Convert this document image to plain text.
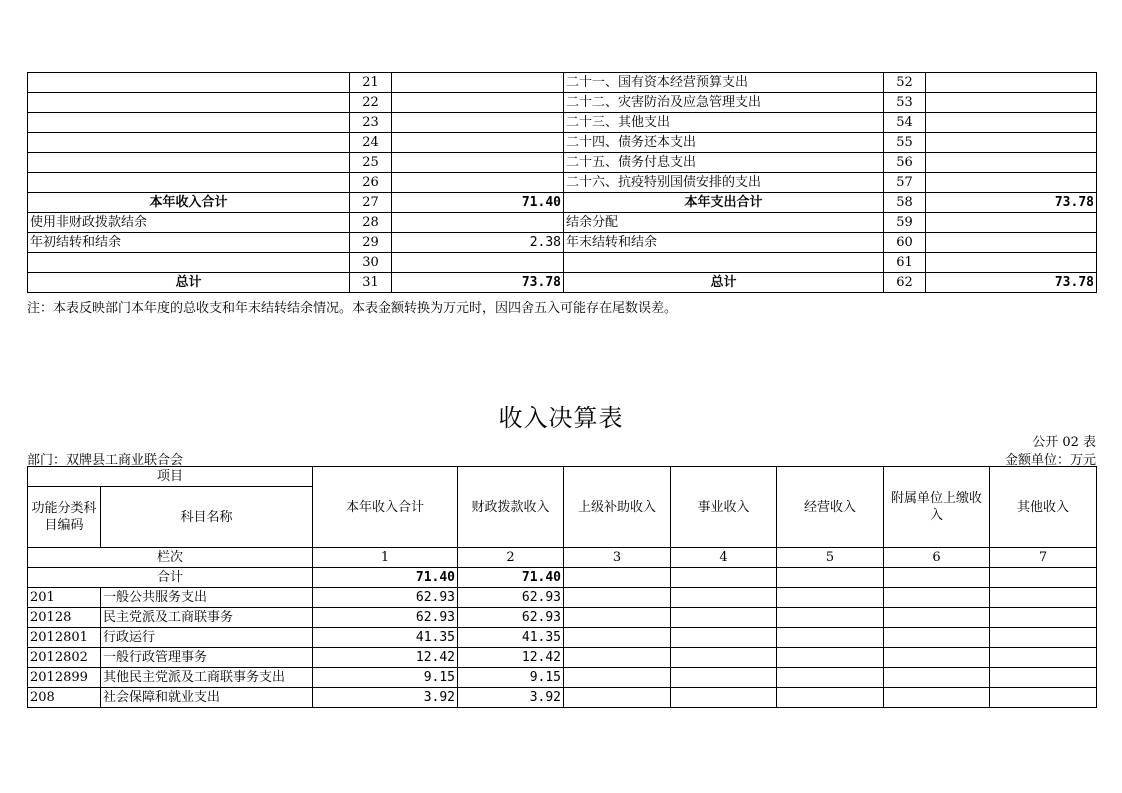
	21		二十一、国有资本经营预算支出	52	
	22		二十二、灾害防治及应急管理支出	53	
	23		二十三、其他支出	54	
	24		二十四、债务还本支出	55	
	25		二十五、债务付息支出	56	
	26		二十六、抗疫特别国债安排的支出	57	
本年收入合计	27	71.40	本年支出合计	58	73.78
使用非财政拨款结余	28		结余分配	59	
年初结转和结余	29	2.38	年末结转和结余	60	
	30			61	
总计	31	73.78	总计	62	73.78
注：本表反映部门本年度的总收支和年末结转结余情况。本表金额转换为万元时，因四舍五入可能存在尾数误差。
收入决算表
公开 02 表
部门：双牌县工商业联合会	金额单位：万元
项目		本年收入合计	财政拨款收入	上级补助收入	事业收入	经营收入	附属单位上缴收入	其他收入
功能分类科目编码	科目名称							
栏次		1	2	3	4	5	6	7
合计		71.40	71.40					
201	一般公共服务支出	62.93	62.93					
20128	民主党派及工商联事务	62.93	62.93					
2012801	行政运行	41.35	41.35					
2012802	一般行政管理事务	12.42	12.42					
2012899	其他民主党派及工商联事务支出	9.15	9.15					
208	社会保障和就业支出	3.92	3.92					
